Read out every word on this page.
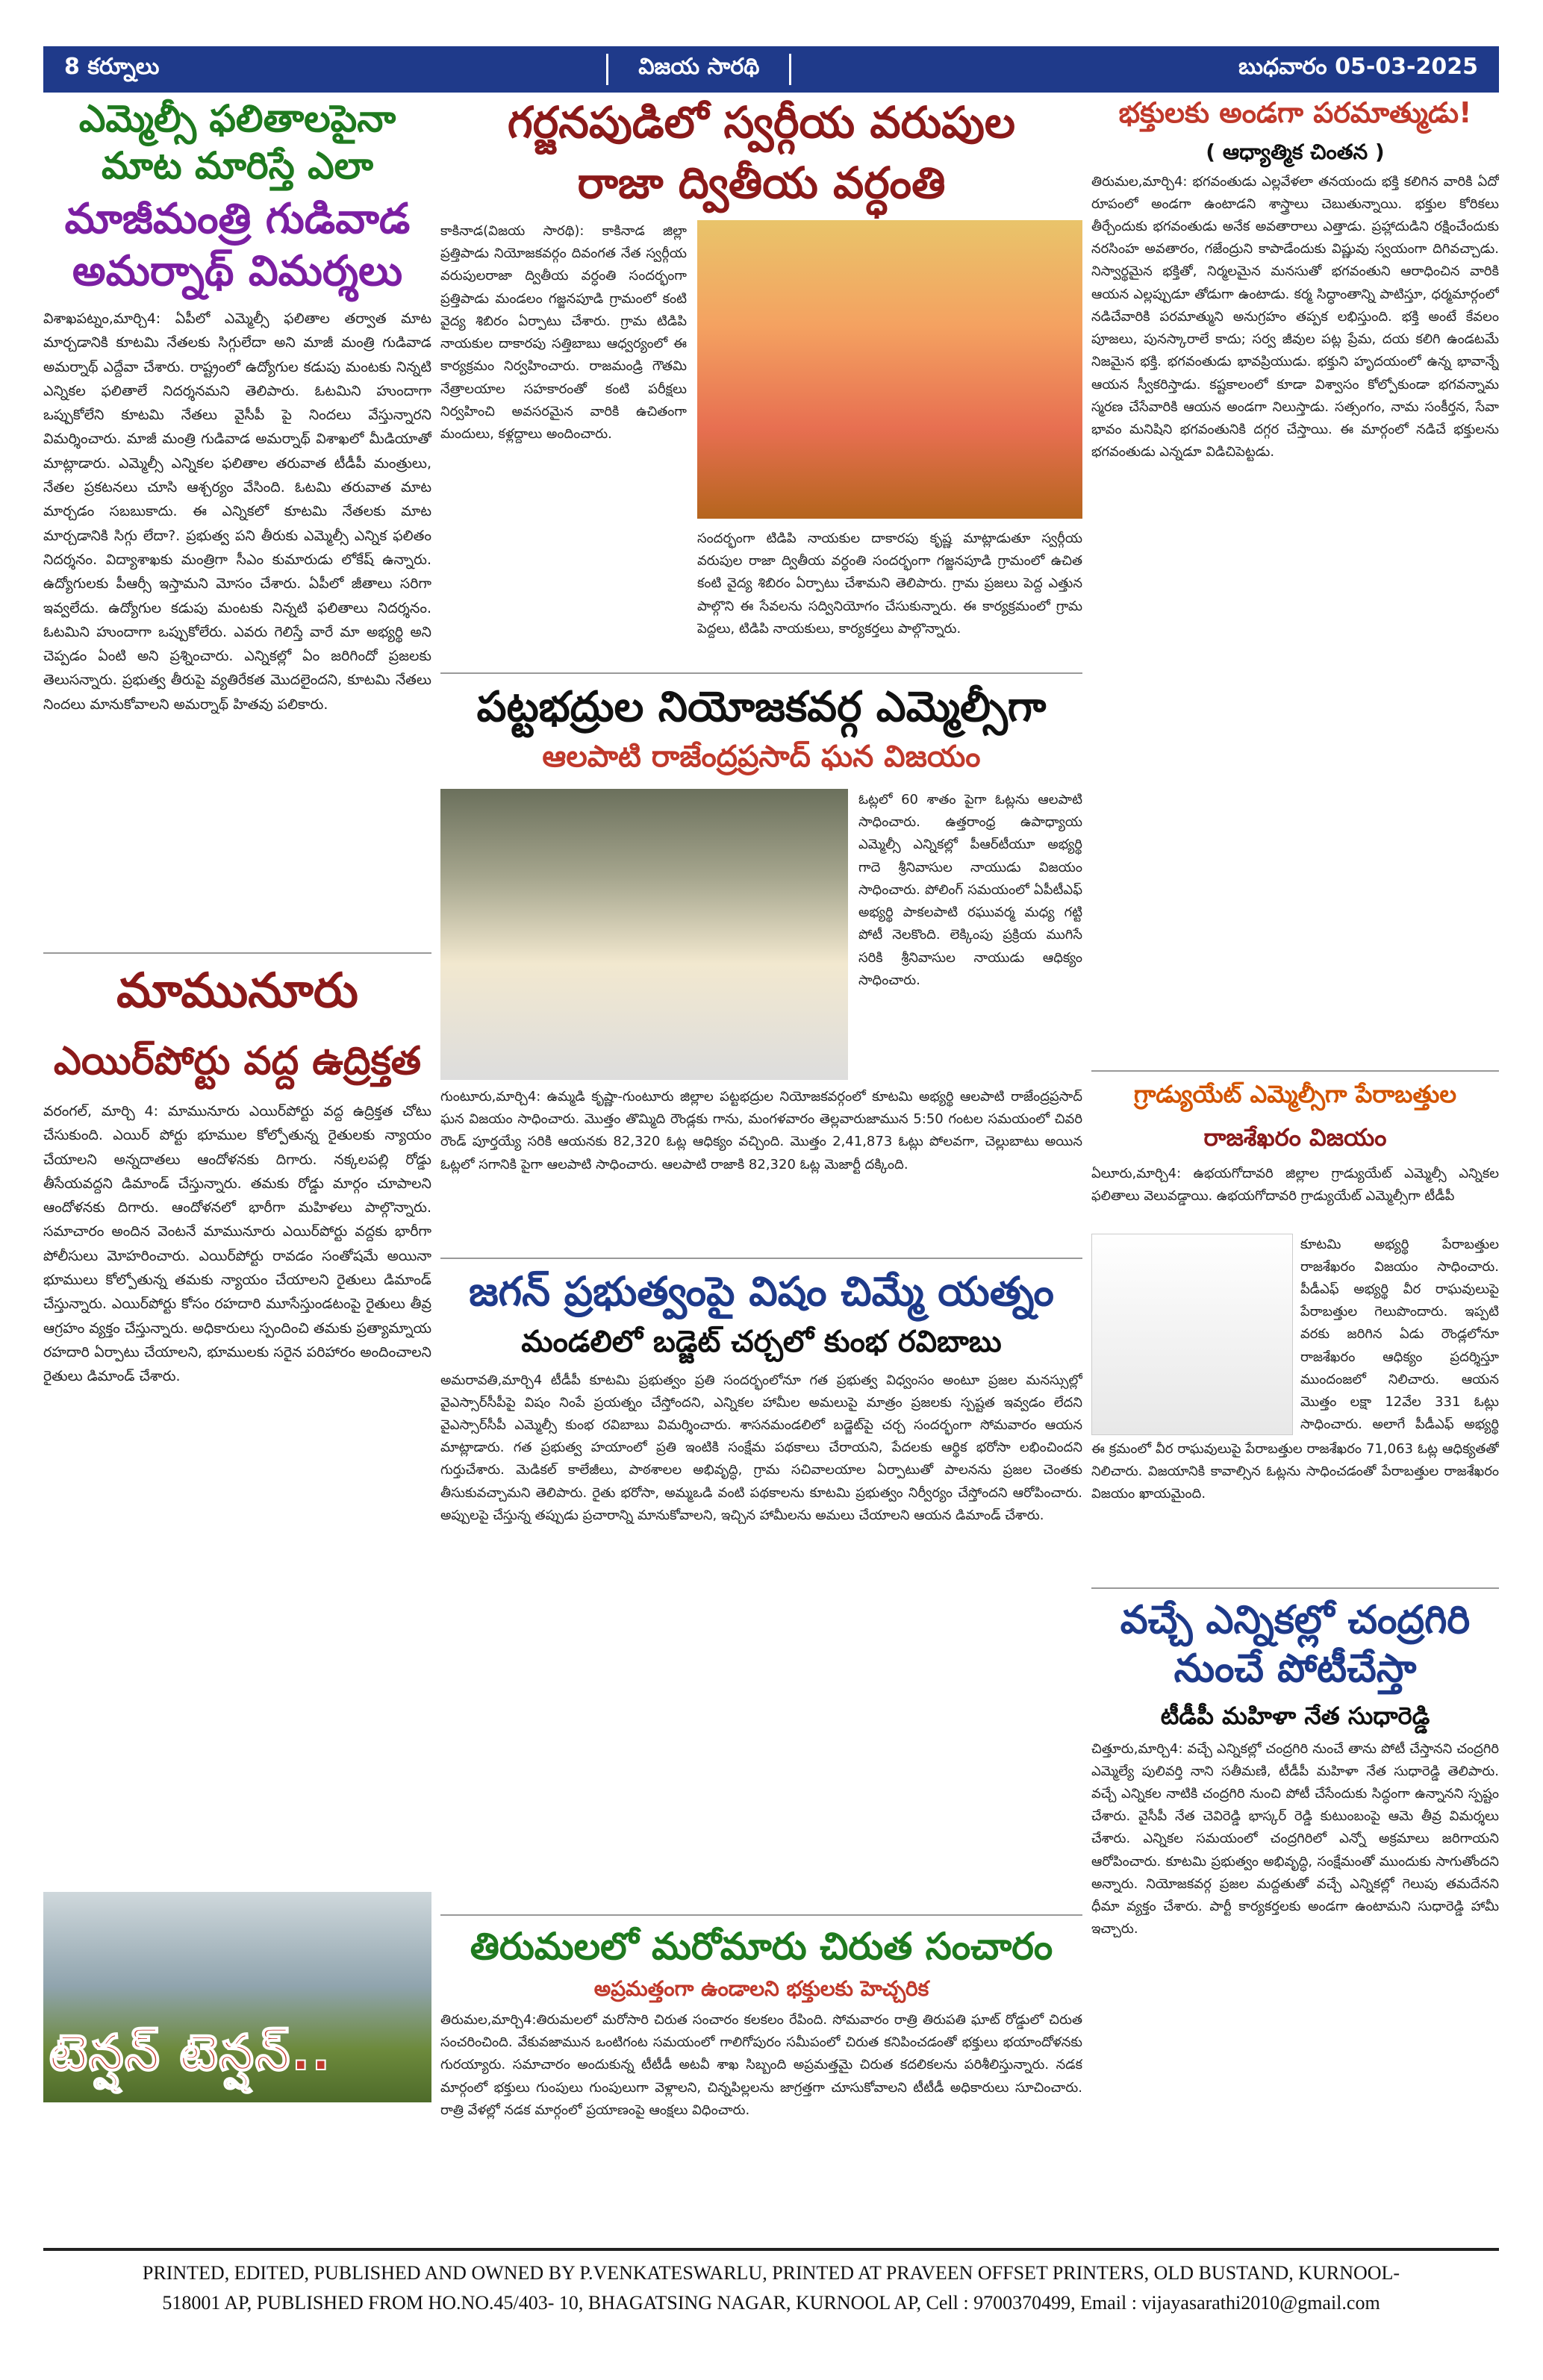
8 కర్నూలు	విజయ సారథి	బుధవారం 05-03-2025
ఎమ్మెల్సీ ఫలితాలపైనా
మాట మారిస్తే ఎలా
మాజీమంత్రి గుడివాడ
అమర్నాథ్ విమర్శలు

విశాఖపట్నం,మార్చి4: ఏపీలో ఎమ్మెల్సీ ఫలితాల తర్వాత మాట మార్చడానికి కూటమి నేతలకు సిగ్గులేదా అని మాజీ మంత్రి గుడివాడ అమర్నాథ్ ఎద్దేవా చేశారు. రాష్ట్రంలో ఉద్యోగుల కడుపు మంటకు నిన్నటి ఎన్నికల ఫలితాలే నిదర్శనమని తెలిపారు. ఓటమిని హుందాగా ఒప్పుకోలేని కూటమి నేతలు వైసీపీ పై నిందలు వేస్తున్నారని విమర్శించారు. మాజీ మంత్రి గుడివాడ అమర్నాథ్ విశాఖలో మీడియాతో మాట్లాడారు. ఎమ్మెల్సీ ఎన్నికల ఫలితాల తరువాత టీడీపీ మంత్రులు, నేతల ప్రకటనలు చూసి ఆశ్చర్యం వేసింది. ఓటమి తరువాత మాట మార్చడం సబబుకాదు. ఈ ఎన్నికలో కూటమి నేతలకు మాట మార్చడానికి సిగ్గు లేదా?. ప్రభుత్వ పని తీరుకు ఎమ్మెల్సీ ఎన్నిక ఫలితం నిదర్శనం. విద్యాశాఖకు మంత్రిగా సీఎం కుమారుడు లోకేష్ ఉన్నారు. ఉద్యోగులకు పీఆర్సీ ఇస్తామని మోసం చేశారు. ఏపీలో జీతాలు సరిగా ఇవ్వలేదు. ఉద్యోగుల కడుపు మంటకు నిన్నటి ఫలితాలు నిదర్శనం. ఓటమిని హుందాగా ఒప్పుకోలేరు. ఎవరు గెలిస్తే వారే మా అభ్యర్థి అని చెప్పడం ఏంటి అని ప్రశ్నించారు. ఎన్నికల్లో ఏం జరిగిందో ప్రజలకు తెలుసన్నారు. ప్రభుత్వ తీరుపై వ్యతిరేకత మొదలైందని, కూటమి నేతలు నిందలు మానుకోవాలని అమర్నాథ్ హితవు పలికారు.

మామునూరు
ఎయిర్‌పోర్టు వద్ద ఉద్రిక్తత

వరంగల్, మార్చి 4: మామునూరు ఎయిర్‌పోర్టు వద్ద ఉద్రిక్తత చోటు చేసుకుంది. ఎయిర్ పోర్టు భూముల కోల్పోతున్న రైతులకు న్యాయం చేయాలని అన్నదాతలు ఆందోళనకు దిగారు. నక్కలపల్లి రోడ్డు తీసేయవద్దని డిమాండ్ చేస్తున్నారు. తమకు రోడ్డు మార్గం చూపాలని ఆందోళనకు దిగారు. ఆందోళనలో భారీగా మహిళలు పాల్గొన్నారు. సమాచారం అందిన వెంటనే మామునూరు ఎయిర్‌పోర్టు వద్దకు భారీగా పోలీసులు మోహరించారు. ఎయిర్‌పోర్టు రావడం సంతోషమే అయినా భూములు కోల్పోతున్న తమకు న్యాయం చేయాలని రైతులు డిమాండ్ చేస్తున్నారు. ఎయిర్‌పోర్టు కోసం రహదారి మూసేస్తుండటంపై రైతులు తీవ్ర ఆగ్రహం వ్యక్తం చేస్తున్నారు. అధికారులు స్పందించి తమకు ప్రత్యామ్నాయ రహదారి ఏర్పాటు చేయాలని, భూములకు సరైన పరిహారం అందించాలని రైతులు డిమాండ్ చేశారు.

టెన్షన్ టెన్షన్..
గర్జనపుడిలో స్వర్గీయ వరుపుల
రాజా ద్వితీయ వర్ధంతి

కాకినాడ(విజయ సారథి): కాకినాడ జిల్లా ప్రత్తిపాడు నియోజకవర్గం దివంగత నేత స్వర్గీయ వరుపులరాజా ద్వితీయ వర్ధంతి సందర్భంగా ప్రత్తిపాడు మండలం గజ్జనపూడి గ్రామంలో కంటి వైద్య శిబిరం ఏర్పాటు చేశారు. గ్రామ టిడిపి నాయకుల దాకారపు సత్తిబాబు ఆధ్వర్యంలో ఈ కార్యక్రమం నిర్వహించారు. రాజమండ్రి గౌతమి నేత్రాలయాల సహకారంతో కంటి పరీక్షలు నిర్వహించి అవసరమైన వారికి ఉచితంగా మందులు, కళ్లద్దాలు అందించారు.

సందర్భంగా టిడిపి నాయకుల దాకారపు కృష్ణ మాట్లాడుతూ స్వర్గీయ వరుపుల రాజా ద్వితీయ వర్ధంతి సందర్భంగా గజ్జనపూడి గ్రామంలో ఉచిత కంటి వైద్య శిబిరం ఏర్పాటు చేశామని తెలిపారు. గ్రామ ప్రజలు పెద్ద ఎత్తున పాల్గొని ఈ సేవలను సద్వినియోగం చేసుకున్నారు. ఈ కార్యక్రమంలో గ్రామ పెద్దలు, టిడిపి నాయకులు, కార్యకర్తలు పాల్గొన్నారు.

పట్టభద్రుల నియోజకవర్గ ఎమ్మెల్సీగా
ఆలపాటి రాజేంద్రప్రసాద్ ఘన విజయం

ఓట్లలో 60 శాతం పైగా ఓట్లను ఆలపాటి సాధించారు. ఉత్తరాంధ్ర ఉపాధ్యాయ ఎమ్మెల్సీ ఎన్నికల్లో పీఆర్‌టీయూ అభ్యర్థి గాదె శ్రీనివాసుల నాయుడు విజయం సాధించారు. పోలింగ్ సమయంలో ఏపీటీఎఫ్ అభ్యర్థి పాకలపాటి రఘువర్మ మధ్య గట్టి పోటీ నెలకొంది. లెక్కింపు ప్రక్రియ ముగిసే సరికి శ్రీనివాసుల నాయుడు ఆధిక్యం సాధించారు.

గుంటూరు,మార్చి4: ఉమ్మడి కృష్ణా-గుంటూరు జిల్లాల పట్టభద్రుల నియోజకవర్గంలో కూటమి అభ్యర్థి ఆలపాటి రాజేంద్రప్రసాద్ ఘన విజయం సాధించారు. మొత్తం తొమ్మిది రౌండ్లకు గాను, మంగళవారం తెల్లవారుజామున 5:50 గంటల సమయంలో చివరి రౌండ్ పూర్తయ్యే సరికి ఆయనకు 82,320 ఓట్ల ఆధిక్యం వచ్చింది. మొత్తం 2,41,873 ఓట్లు పోలవగా, చెల్లుబాటు అయిన ఓట్లలో సగానికి పైగా ఆలపాటి సాధించారు. ఆలపాటి రాజాకి 82,320 ఓట్ల మెజార్టీ దక్కింది.

జగన్ ప్రభుత్వంపై విషం చిమ్మే యత్నం
మండలిలో బడ్జెట్ చర్చలో కుంభ రవిబాబు

అమరావతి,మార్చి4 టీడీపీ కూటమి ప్రభుత్వం ప్రతి సందర్భంలోనూ గత ప్రభుత్వ విధ్వంసం అంటూ ప్రజల మనస్సుల్లో వైఎస్సార్‌సీపీపై విషం నింపే ప్రయత్నం చేస్తోందని, ఎన్నికల హామీల అమలుపై మాత్రం ప్రజలకు స్పష్టత ఇవ్వడం లేదని వైఎస్సార్‌సీపీ ఎమ్మెల్సీ కుంభ రవిబాబు విమర్శించారు. శాసనమండలిలో బడ్జెట్‌పై చర్చ సందర్భంగా సోమవారం ఆయన మాట్లాడారు. గత ప్రభుత్వ హయాంలో ప్రతి ఇంటికి సంక్షేమ పథకాలు చేరాయని, పేదలకు ఆర్థిక భరోసా లభించిందని గుర్తుచేశారు. మెడికల్ కాలేజీలు, పాఠశాలల అభివృద్ధి, గ్రామ సచివాలయాల ఏర్పాటుతో పాలనను ప్రజల చెంతకు తీసుకువచ్చామని తెలిపారు. రైతు భరోసా, అమ్మఒడి వంటి పథకాలను కూటమి ప్రభుత్వం నిర్వీర్యం చేస్తోందని ఆరోపించారు. అప్పులపై చేస్తున్న తప్పుడు ప్రచారాన్ని మానుకోవాలని, ఇచ్చిన హామీలను అమలు చేయాలని ఆయన డిమాండ్ చేశారు.

తిరుమలలో మరోమారు చిరుత సంచారం
అప్రమత్తంగా ఉండాలని భక్తులకు హెచ్చరిక

తిరుమల,మార్చి4:తిరుమలలో మరోసారి చిరుత సంచారం కలకలం రేపింది. సోమవారం రాత్రి తిరుపతి ఘాట్ రోడ్డులో చిరుత సంచరించింది. వేకువజామున ఒంటిగంట సమయంలో గాలిగోపురం సమీపంలో చిరుత కనిపించడంతో భక్తులు భయాందోళనకు గురయ్యారు. సమాచారం అందుకున్న టీటీడీ అటవీ శాఖ సిబ్బంది అప్రమత్తమై చిరుత కదలికలను పరిశీలిస్తున్నారు. నడక మార్గంలో భక్తులు గుంపులు గుంపులుగా వెళ్లాలని, చిన్నపిల్లలను జాగ్రత్తగా చూసుకోవాలని టీటీడీ అధికారులు సూచించారు. రాత్రి వేళల్లో నడక మార్గంలో ప్రయాణంపై ఆంక్షలు విధించారు.

భక్తులకు అండగా పరమాత్ముడు!
( ఆధ్యాత్మిక చింతన )

తిరుమల,మార్చి4: భగవంతుడు ఎల్లవేళలా తనయందు భక్తి కలిగిన వారికి ఏదో రూపంలో అండగా ఉంటాడని శాస్త్రాలు చెబుతున్నాయి. భక్తుల కోరికలు తీర్చేందుకు భగవంతుడు అనేక అవతారాలు ఎత్తాడు. ప్రహ్లాదుడిని రక్షించేందుకు నరసింహ అవతారం, గజేంద్రుని కాపాడేందుకు విష్ణువు స్వయంగా దిగివచ్చాడు. నిస్వార్థమైన భక్తితో, నిర్మలమైన మనసుతో భగవంతుని ఆరాధించిన వారికి ఆయన ఎల్లప్పుడూ తోడుగా ఉంటాడు. కర్మ సిద్ధాంతాన్ని పాటిస్తూ, ధర్మమార్గంలో నడిచేవారికి పరమాత్ముని అనుగ్రహం తప్పక లభిస్తుంది. భక్తి అంటే కేవలం పూజలు, పునస్కారాలే కాదు; సర్వ జీవుల పట్ల ప్రేమ, దయ కలిగి ఉండటమే నిజమైన భక్తి. భగవంతుడు భావప్రియుడు. భక్తుని హృదయంలో ఉన్న భావాన్నే ఆయన స్వీకరిస్తాడు. కష్టకాలంలో కూడా విశ్వాసం కోల్పోకుండా భగవన్నామ స్మరణ చేసేవారికి ఆయన అండగా నిలుస్తాడు. సత్సంగం, నామ సంకీర్తన, సేవా భావం మనిషిని భగవంతునికి దగ్గర చేస్తాయి. ఈ మార్గంలో నడిచే భక్తులను భగవంతుడు ఎన్నడూ విడిచిపెట్టడు.

గ్రాడ్యుయేట్ ఎమ్మెల్సీగా పేరాబత్తుల
రాజశేఖరం విజయం

ఏలూరు,మార్చి4: ఉభయగోదావరి జిల్లాల గ్రాడ్యుయేట్ ఎమ్మెల్సీ ఎన్నికల ఫలితాలు వెలువడ్డాయి. ఉభయగోదావరి గ్రాడ్యుయేట్ ఎమ్మెల్సీగా టీడీపీ

కూటమి అభ్యర్థి పేరాబత్తుల రాజశేఖరం విజయం సాధించారు. పీడీఎఫ్ అభ్యర్థి వీర రాఘవులుపై పేరాబత్తుల గెలుపొందారు. ఇప్పటి వరకు జరిగిన ఏడు రౌండ్లలోనూ రాజశేఖరం ఆధిక్యం ప్రదర్శిస్తూ ముందంజలో నిలిచారు. ఆయన మొత్తం లక్షా 12వేల 331 ఓట్లు సాధించారు. అలాగే పీడీఎఫ్ అభ్యర్థి

ఈ క్రమంలో వీర రాఘవులుపై పేరాబత్తుల రాజశేఖరం 71,063 ఓట్ల ఆధిక్యతతో నిలిచారు. విజయానికి కావాల్సిన ఓట్లను సాధించడంతో పేరాబత్తుల రాజశేఖరం విజయం ఖాయమైంది.

వచ్చే ఎన్నికల్లో చంద్రగిరి
నుంచే పోటీచేస్తా
టీడీపీ మహిళా నేత సుధారెడ్డి

చిత్తూరు,మార్చి4: వచ్చే ఎన్నికల్లో చంద్రగిరి నుంచే తాను పోటీ చేస్తానని చంద్రగిరి ఎమ్మెల్యే పులివర్తి నాని సతీమణి, టీడీపీ మహిళా నేత సుధారెడ్డి తెలిపారు. వచ్చే ఎన్నికల నాటికి చంద్రగిరి నుంచి పోటీ చేసేందుకు సిద్ధంగా ఉన్నానని స్పష్టం చేశారు. వైసీపీ నేత చెవిరెడ్డి భాస్కర్ రెడ్డి కుటుంబంపై ఆమె తీవ్ర విమర్శలు చేశారు. ఎన్నికల సమయంలో చంద్రగిరిలో ఎన్నో అక్రమాలు జరిగాయని ఆరోపించారు. కూటమి ప్రభుత్వం అభివృద్ధి, సంక్షేమంతో ముందుకు సాగుతోందని అన్నారు. నియోజకవర్గ ప్రజల మద్దతుతో వచ్చే ఎన్నికల్లో గెలుపు తమదేనని ధీమా వ్యక్తం చేశారు. పార్టీ కార్యకర్తలకు అండగా ఉంటామని సుధారెడ్డి హామీ ఇచ్చారు.

PRINTED, EDITED, PUBLISHED AND OWNED BY P.VENKATESWARLU, PRINTED AT PRAVEEN OFFSET PRINTERS, OLD BUSTAND, KURNOOL-
518001 AP, PUBLISHED FROM HO.NO.45/403- 10, BHAGATSING NAGAR, KURNOOL AP, Cell : 9700370499, Email : vijayasarathi2010@gmail.com
